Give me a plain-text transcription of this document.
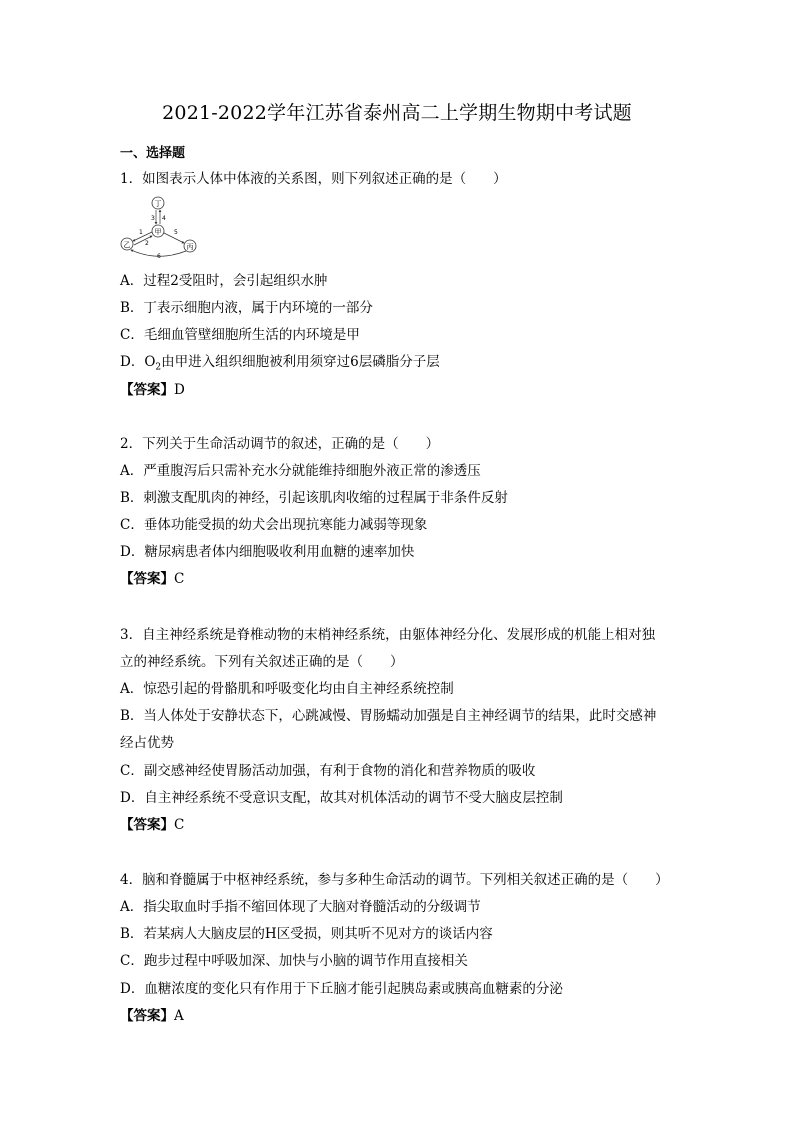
2021-2022学年江苏省泰州高二上学期生物期中考试题
一、选择题
1．如图表示人体中体液的关系图，则下列叙述正确的是（　　）
丁
甲
乙	丙
3 4
1
2
5
6
A．过程2受阻时，会引起组织水肿
B．丁表示细胞内液，属于内环境的一部分
C．毛细血管壁细胞所生活的内环境是甲
D．$O_2$由甲进入组织细胞被利用须穿过6层磷脂分子层
【答案】D
2．下列关于生命活动调节的叙述，正确的是（　　）
A．严重腹泻后只需补充水分就能维持细胞外液正常的渗透压
B．刺激支配肌肉的神经，引起该肌肉收缩的过程属于非条件反射
C．垂体功能受损的幼犬会出现抗寒能力减弱等现象
D．糖尿病患者体内细胞吸收利用血糖的速率加快
【答案】C
3．自主神经系统是脊椎动物的末梢神经系统，由躯体神经分化、发展形成的机能上相对独
立的神经系统。下列有关叙述正确的是（　　）
A．惊恐引起的骨骼肌和呼吸变化均由自主神经系统控制
B．当人体处于安静状态下，心跳减慢、胃肠蠕动加强是自主神经调节的结果，此时交感神
经占优势
C．副交感神经使胃肠活动加强，有利于食物的消化和营养物质的吸收
D．自主神经系统不受意识支配，故其对机体活动的调节不受大脑皮层控制
【答案】C
4．脑和脊髓属于中枢神经系统，参与多种生命活动的调节。下列相关叙述正确的是（　　）
A．指尖取血时手指不缩回体现了大脑对脊髓活动的分级调节
B．若某病人大脑皮层的H区受损，则其听不见对方的谈话内容
C．跑步过程中呼吸加深、加快与小脑的调节作用直接相关
D．血糖浓度的变化只有作用于下丘脑才能引起胰岛素或胰高血糖素的分泌
【答案】A
